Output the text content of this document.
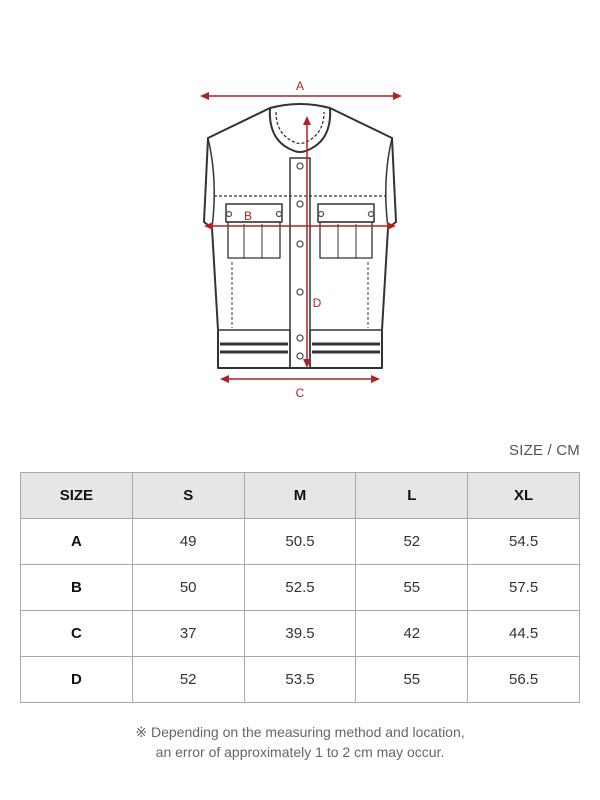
A
B
C
D
SIZE / CM
SIZE	S	M	L	XL
A	49	50.5	52	54.5
B	50	52.5	55	57.5
C	37	39.5	42	44.5
D	52	53.5	55	56.5
※ Depending on the measuring method and location,
an error of approximately 1 to 2 cm may occur.
